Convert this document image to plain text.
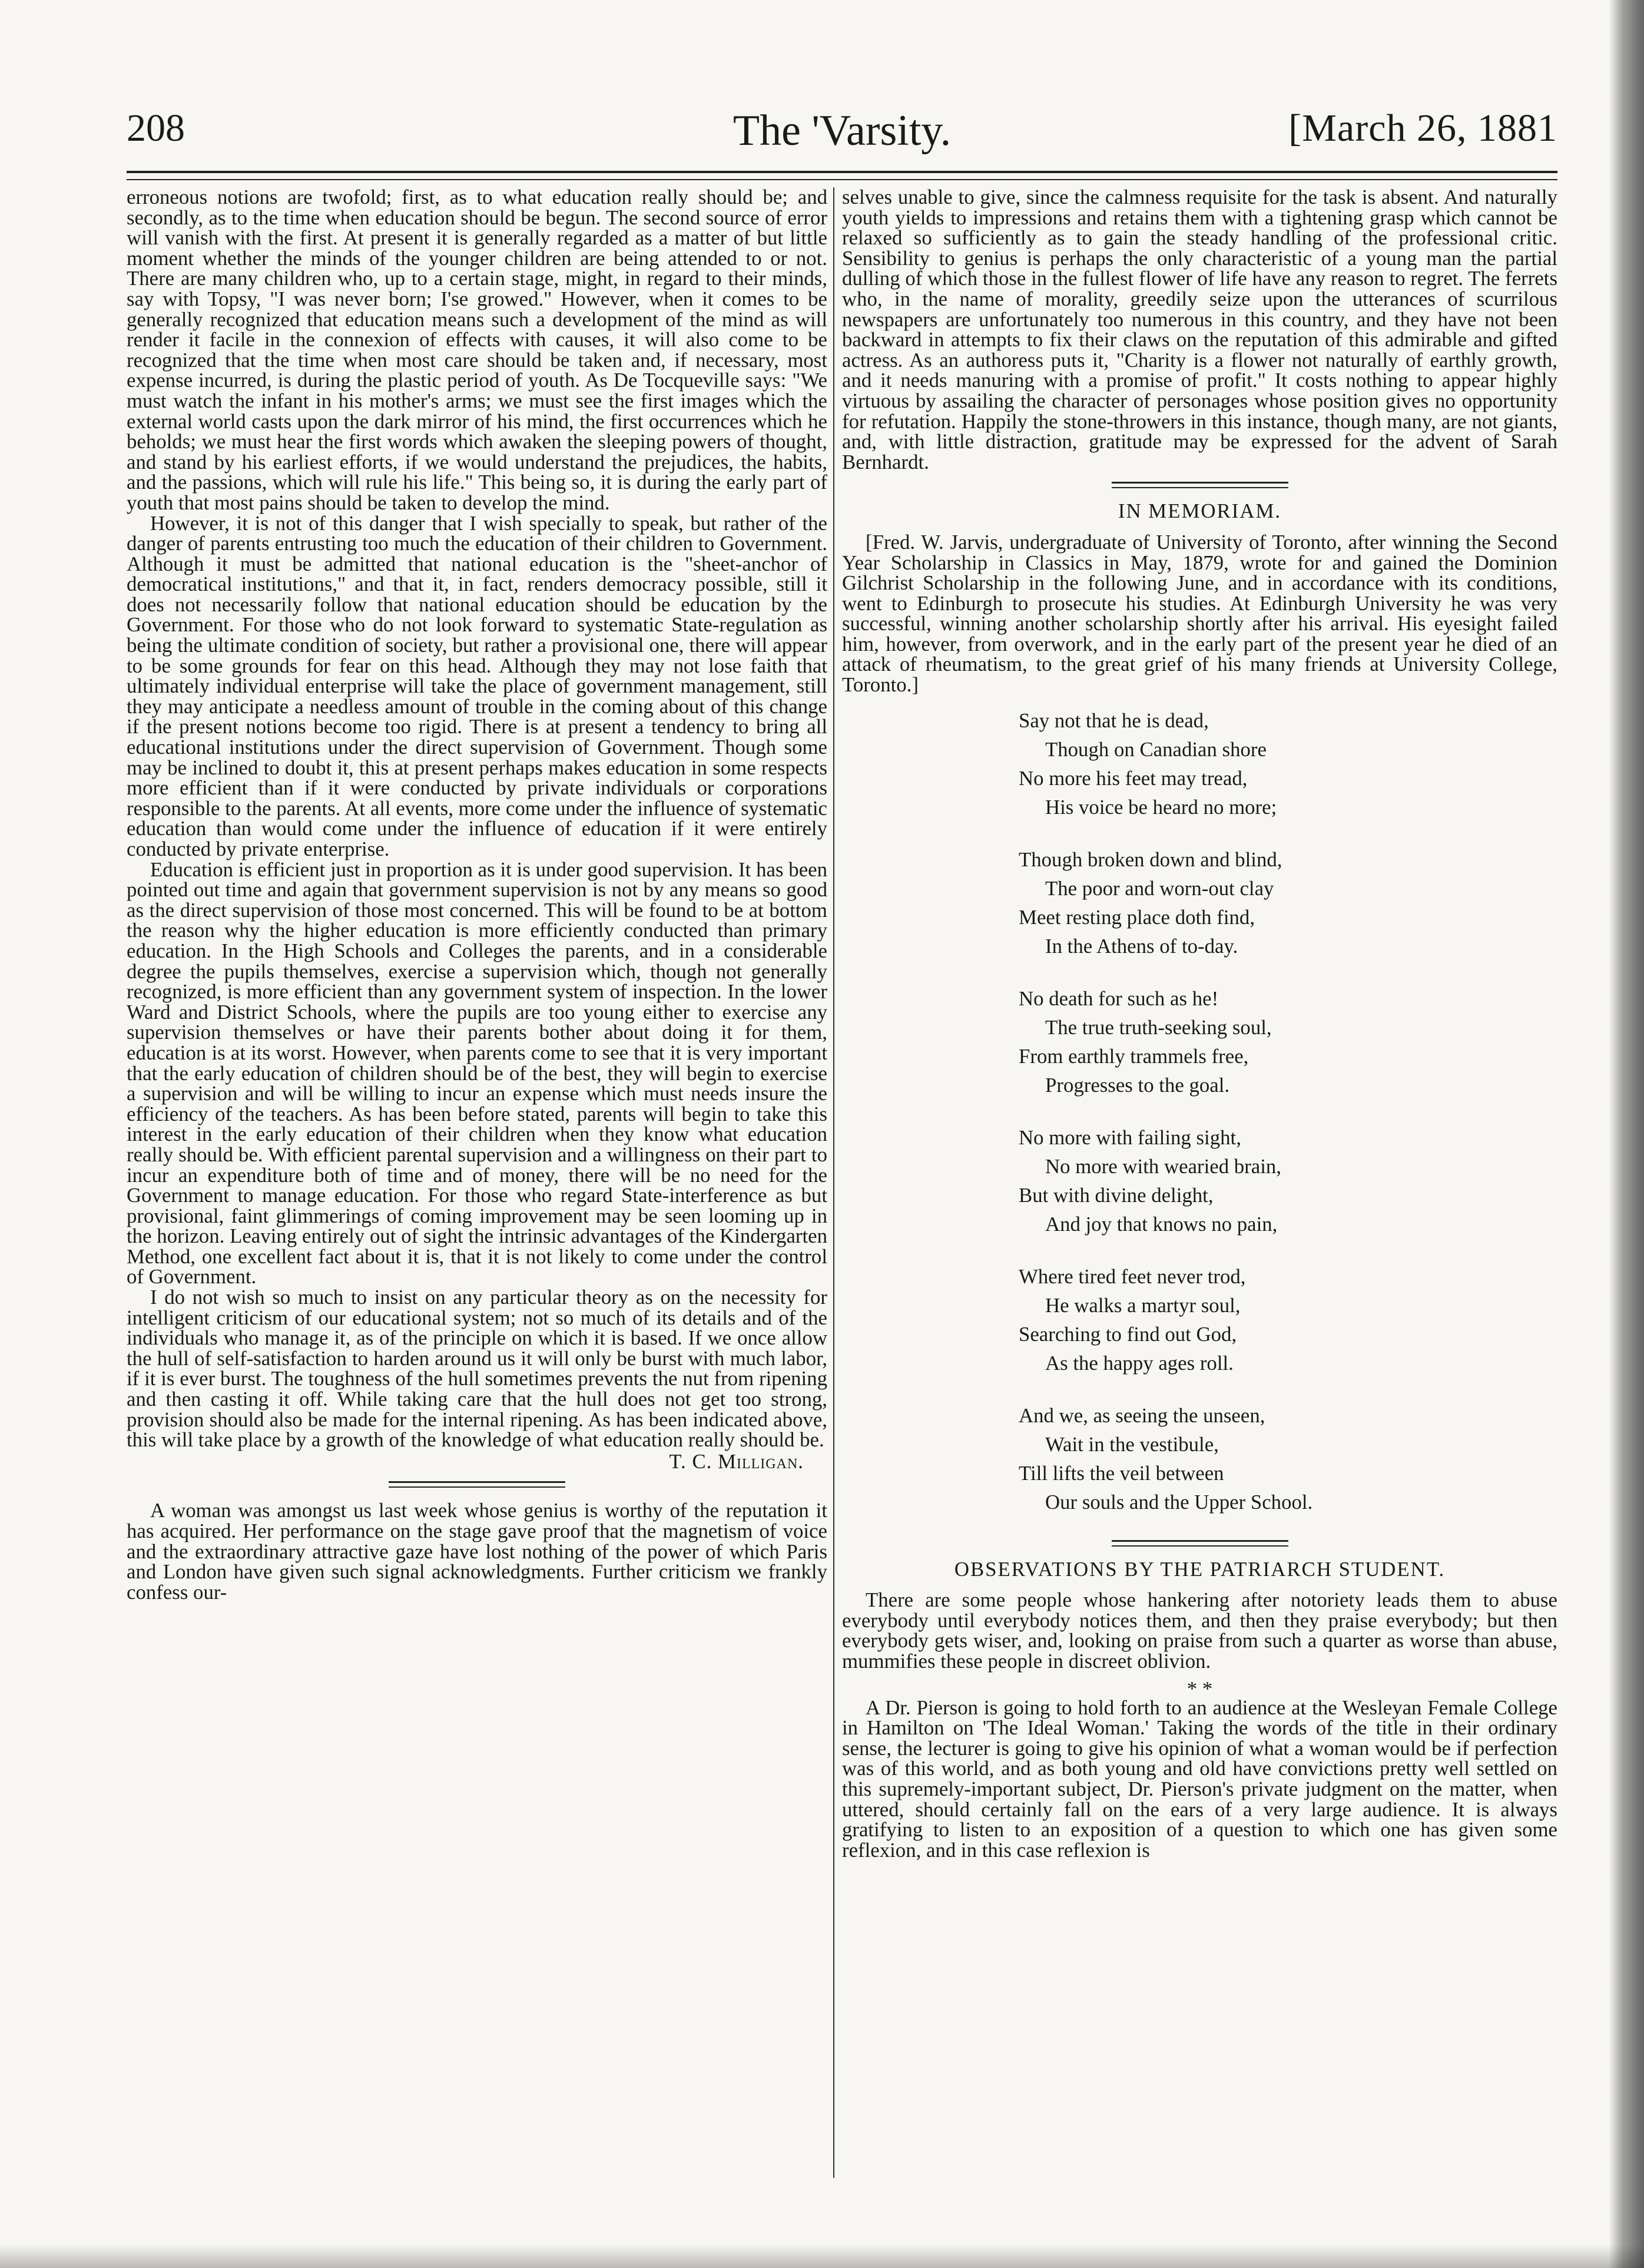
208	The 'Varsity.	[March 26, 1881

erroneous notions are twofold; first, as to what education really should be; and secondly, as to the time when education should be begun. The second source of error will vanish with the first. At present it is generally regarded as a matter of but little moment whether the minds of the younger children are being attended to or not. There are many children who, up to a certain stage, might, in regard to their minds, say with Topsy, "I was never born; I'se growed." However, when it comes to be generally recognized that education means such a development of the mind as will render it facile in the connexion of effects with causes, it will also come to be recognized that the time when most care should be taken and, if necessary, most expense incurred, is during the plastic period of youth. As De Tocqueville says: "We must watch the infant in his mother's arms; we must see the first images which the external world casts upon the dark mirror of his mind, the first occurrences which he beholds; we must hear the first words which awaken the sleeping powers of thought, and stand by his earliest efforts, if we would understand the prejudices, the habits, and the passions, which will rule his life." This being so, it is during the early part of youth that most pains should be taken to develop the mind.

However, it is not of this danger that I wish specially to speak, but rather of the danger of parents entrusting too much the education of their children to Government. Although it must be admitted that national education is the "sheet-anchor of democratical institutions," and that it, in fact, renders democracy possible, still it does not necessarily follow that national education should be education by the Government. For those who do not look forward to systematic State-regulation as being the ultimate condition of society, but rather a provisional one, there will appear to be some grounds for fear on this head. Although they may not lose faith that ultimately individual enterprise will take the place of government management, still they may anticipate a needless amount of trouble in the coming about of this change if the present notions become too rigid. There is at present a tendency to bring all educational institutions under the direct supervision of Government. Though some may be inclined to doubt it, this at present perhaps makes education in some respects more efficient than if it were conducted by private individuals or corporations responsible to the parents. At all events, more come under the influence of systematic education than would come under the influence of education if it were entirely conducted by private enterprise.

Education is efficient just in proportion as it is under good supervision. It has been pointed out time and again that government supervision is not by any means so good as the direct supervision of those most concerned. This will be found to be at bottom the reason why the higher education is more efficiently conducted than primary education. In the High Schools and Colleges the parents, and in a considerable degree the pupils themselves, exercise a supervision which, though not generally recognized, is more efficient than any government system of inspection. In the lower Ward and District Schools, where the pupils are too young either to exercise any supervision themselves or have their parents bother about doing it for them, education is at its worst. However, when parents come to see that it is very important that the early education of children should be of the best, they will begin to exercise a supervision and will be willing to incur an expense which must needs insure the efficiency of the teachers. As has been before stated, parents will begin to take this interest in the early education of their children when they know what education really should be. With efficient parental supervision and a willingness on their part to incur an expenditure both of time and of money, there will be no need for the Government to manage education. For those who regard State-interference as but provisional, faint glimmerings of coming improvement may be seen looming up in the horizon. Leaving entirely out of sight the intrinsic advantages of the Kindergarten Method, one excellent fact about it is, that it is not likely to come under the control of Government.

I do not wish so much to insist on any particular theory as on the necessity for intelligent criticism of our educational system; not so much of its details and of the individuals who manage it, as of the principle on which it is based. If we once allow the hull of self-satisfaction to harden around us it will only be burst with much labor, if it is ever burst. The toughness of the hull sometimes prevents the nut from ripening and then casting it off. While taking care that the hull does not get too strong, provision should also be made for the internal ripening. As has been indicated above, this will take place by a growth of the knowledge of what education really should be.

T. C. Milligan.

A woman was amongst us last week whose genius is worthy of the reputation it has acquired. Her performance on the stage gave proof that the magnetism of voice and the extraordinary attractive gaze have lost nothing of the power of which Paris and London have given such signal acknowledgments. Further criticism we frankly confess our-

selves unable to give, since the calmness requisite for the task is absent. And naturally youth yields to impressions and retains them with a tightening grasp which cannot be relaxed so sufficiently as to gain the steady handling of the professional critic. Sensibility to genius is perhaps the only characteristic of a young man the partial dulling of which those in the fullest flower of life have any reason to regret. The ferrets who, in the name of morality, greedily seize upon the utterances of scurrilous newspapers are unfortunately too numerous in this country, and they have not been backward in attempts to fix their claws on the reputation of this admirable and gifted actress. As an authoress puts it, "Charity is a flower not naturally of earthly growth, and it needs manuring with a promise of profit." It costs nothing to appear highly virtuous by assailing the character of personages whose position gives no opportunity for refutation. Happily the stone-throwers in this instance, though many, are not giants, and, with little distraction, gratitude may be expressed for the advent of Sarah Bernhardt.

IN MEMORIAM.

[Fred. W. Jarvis, undergraduate of University of Toronto, after winning the Second Year Scholarship in Classics in May, 1879, wrote for and gained the Dominion Gilchrist Scholarship in the following June, and in accordance with its conditions, went to Edinburgh to prosecute his studies. At Edinburgh University he was very successful, winning another scholarship shortly after his arrival. His eyesight failed him, however, from overwork, and in the early part of the present year he died of an attack of rheumatism, to the great grief of his many friends at University College, Toronto.]

Say not that he is dead,
Though on Canadian shore
No more his feet may tread,
His voice be heard no more;
Though broken down and blind,
The poor and worn-out clay
Meet resting place doth find,
In the Athens of to-day.
No death for such as he!
The true truth-seeking soul,
From earthly trammels free,
Progresses to the goal.
No more with failing sight,
No more with wearied brain,
But with divine delight,
And joy that knows no pain,
Where tired feet never trod,
He walks a martyr soul,
Searching to find out God,
As the happy ages roll.
And we, as seeing the unseen,
Wait in the vestibule,
Till lifts the veil between
Our souls and the Upper School.
OBSERVATIONS BY THE PATRIARCH STUDENT.

There are some people whose hankering after notoriety leads them to abuse everybody until everybody notices them, and then they praise everybody; but then everybody gets wiser, and, looking on praise from such a quarter as worse than abuse, mummifies these people in discreet oblivion.

* *

A Dr. Pierson is going to hold forth to an audience at the Wesleyan Female College in Hamilton on 'The Ideal Woman.' Taking the words of the title in their ordinary sense, the lecturer is going to give his opinion of what a woman would be if perfection was of this world, and as both young and old have convictions pretty well settled on this supremely-important subject, Dr. Pierson's private judgment on the matter, when uttered, should certainly fall on the ears of a very large audience. It is always gratifying to listen to an exposition of a question to which one has given some reflexion, and in this case reflexion is
